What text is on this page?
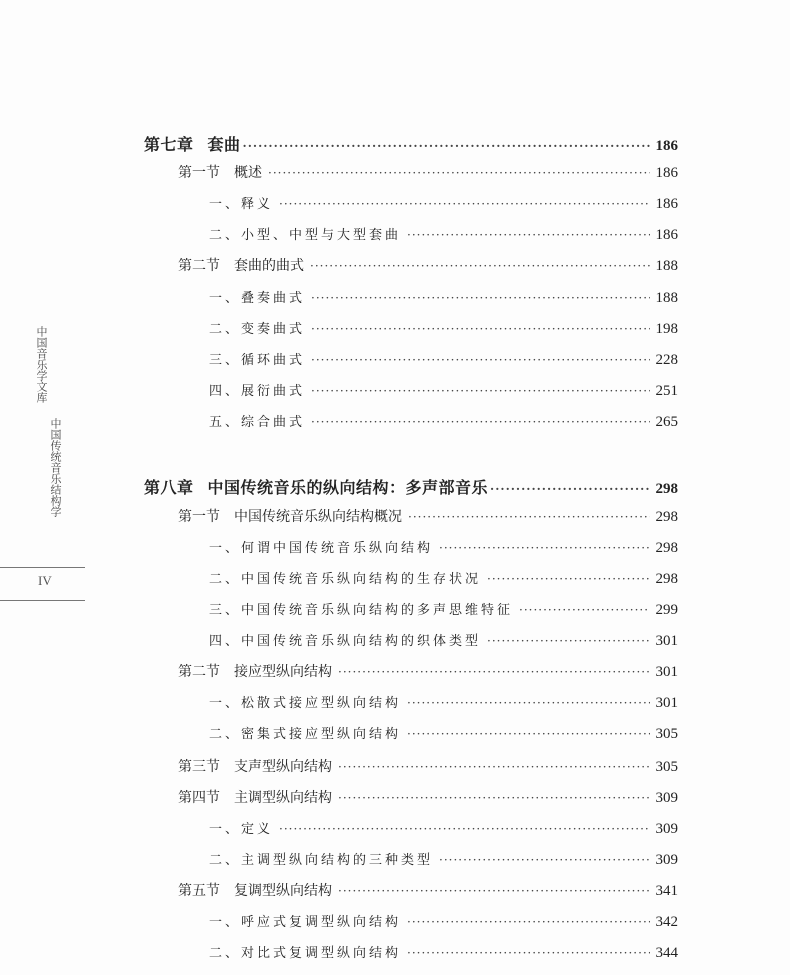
中国音乐学文库
中国传统音乐结构学
IV
第七章 套曲 ·····	186
第一节 概述 ·····	186
一、释义 ·····	186
二、小型、中型与大型套曲 ·····	186
第二节 套曲的曲式 ·····	188
一、叠奏曲式 ·····	188
二、变奏曲式 ·····	198
三、循环曲式 ·····	228
四、展衍曲式 ·····	251
五、综合曲式 ·····	265
第八章 中国传统音乐的纵向结构：多声部音乐 ·····	298
第一节 中国传统音乐纵向结构概况 ·····	298
一、何谓中国传统音乐纵向结构 ·····	298
二、中国传统音乐纵向结构的生存状况 ·····	298
三、中国传统音乐纵向结构的多声思维特征 ·····	299
四、中国传统音乐纵向结构的织体类型 ·····	301
第二节 接应型纵向结构 ·····	301
一、松散式接应型纵向结构 ·····	301
二、密集式接应型纵向结构 ·····	305
第三节 支声型纵向结构 ·····	305
第四节 主调型纵向结构 ·····	309
一、定义 ·····	309
二、主调型纵向结构的三种类型 ·····	309
第五节 复调型纵向结构 ·····	341
一、呼应式复调型纵向结构 ·····	342
二、对比式复调型纵向结构 ·····	344
